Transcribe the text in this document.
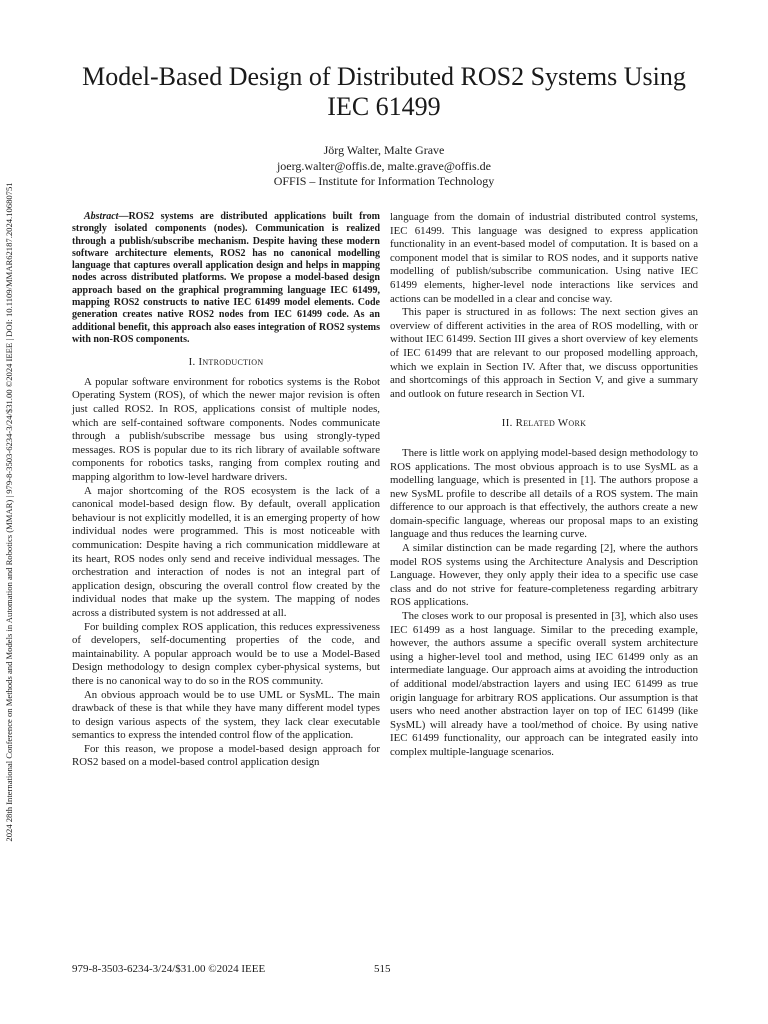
2024 28th International Conference on Methods and Models in Automation and Robotics (MMAR) | 979-8-3503-6234-3/24/$31.00 ©2024 IEEE | DOI: 10.1109/MMAR62187.2024.10680751
Model-Based Design of Distributed ROS2 Systems Using IEC 61499
Jörg Walter, Malte Grave
joerg.walter@offis.de, malte.grave@offis.de
OFFIS – Institute for Information Technology

Abstract—ROS2 systems are distributed applications built from strongly isolated components (nodes). Communication is realized through a publish/subscribe mechanism. Despite having these modern software architecture elements, ROS2 has no canonical modelling language that captures overall application design and helps in mapping nodes across distributed platforms. We propose a model-based design approach based on the graphical programming language IEC 61499, mapping ROS2 constructs to native IEC 61499 model elements. Code generation creates native ROS2 nodes from IEC 61499 code. As an additional benefit, this approach also eases integration of ROS2 systems with non-ROS components.

I. Introduction

A popular software environment for robotics systems is the Robot Operating System (ROS), of which the newer major revision is often just called ROS2. In ROS, applications consist of multiple nodes, which are self-contained software components. Nodes communicate through a publish/subscribe message bus using strongly-typed messages. ROS is popular due to its rich library of available software components for robotics tasks, ranging from complex routing and mapping algorithm to low-level hardware drivers.

A major shortcoming of the ROS ecosystem is the lack of a canonical model-based design flow. By default, overall application behaviour is not explicitly modelled, it is an emerging property of how individual nodes were programmed. This is most noticeable with communication: Despite having a rich communication middleware at its heart, ROS nodes only send and receive individual messages. The orchestration and interaction of nodes is not an integral part of application design, obscuring the overall control flow created by the individual nodes that make up the system. The mapping of nodes across a distributed system is not addressed at all.

For building complex ROS application, this reduces expressiveness of developers, self-documenting properties of the code, and maintainability. A popular approach would be to use a Model-Based Design methodology to design complex cyber-physical systems, but there is no canonical way to do so in the ROS community.

An obvious approach would be to use UML or SysML. The main drawback of these is that while they have many different model types to design various aspects of the system, they lack clear executable semantics to express the intended control flow of the application.

For this reason, we propose a model-based design approach for ROS2 based on a model-based control application design

language from the domain of industrial distributed control systems, IEC 61499. This language was designed to express application functionality in an event-based model of computation. It is based on a component model that is similar to ROS nodes, and it supports native modelling of publish/subscribe communication. Using native IEC 61499 elements, higher-level node interactions like services and actions can be modelled in a clear and concise way.

This paper is structured in as follows: The next section gives an overview of different activities in the area of ROS modelling, with or without IEC 61499. Section III gives a short overview of key elements of IEC 61499 that are relevant to our proposed modelling approach, which we explain in Section IV. After that, we discuss opportunities and shortcomings of this approach in Section V, and give a summary and outlook on future research in Section VI.

II. Related Work

There is little work on applying model-based design methodology to ROS applications. The most obvious approach is to use SysML as a modelling language, which is presented in [1]. The authors propose a new SysML profile to describe all details of a ROS system. The main difference to our approach is that effectively, the authors create a new domain-specific language, whereas our proposal maps to an existing language and thus reduces the learning curve.

A similar distinction can be made regarding [2], where the authors model ROS systems using the Architecture Analysis and Description Language. However, they only apply their idea to a specific use case class and do not strive for feature-completeness regarding arbitrary ROS applications.

The closes work to our proposal is presented in [3], which also uses IEC 61499 as a host language. Similar to the preceding example, however, the authors assume a specific overall system architecture using a higher-level tool and method, using IEC 61499 only as an intermediate language. Our approach aims at avoiding the introduction of additional model/abstraction layers and using IEC 61499 as true origin language for arbitrary ROS applications. Our assumption is that users who need another abstraction layer on top of IEC 61499 (like SysML) will already have a tool/method of choice. By using native IEC 61499 functionality, our approach can be integrated easily into complex multiple-language scenarios.

979-8-3503-6234-3/24/$31.00 ©2024 IEEE	515
